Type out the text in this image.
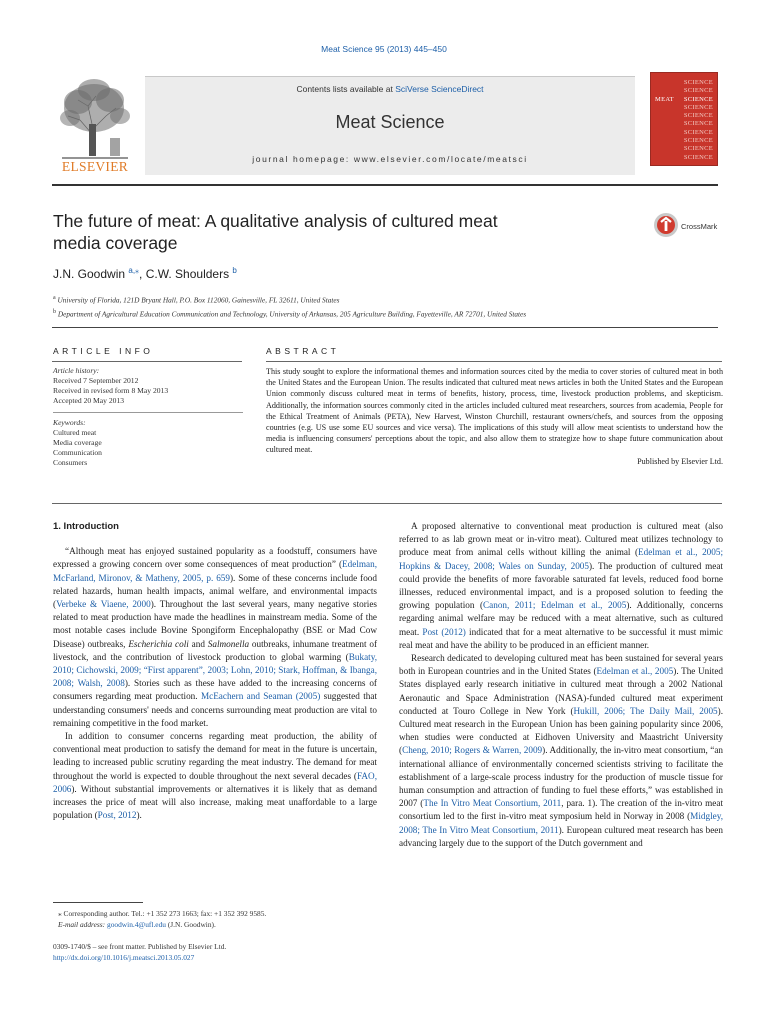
Meat Science 95 (2013) 445–450
ELSEVIER
Contents lists available at SciVerse ScienceDirect
Meat Science
journal homepage: www.elsevier.com/locate/meatsci
SCIENCE
SCIENCE
MEAT SCIENCE
SCIENCE
SCIENCE
SCIENCE
SCIENCE
SCIENCE
SCIENCE
SCIENCE
The future of meat: A qualitative analysis of cultured meat
media coverage
CrossMark
J.N. Goodwin $^{a,⁎}$, C.W. Shoulders $^b$
$^a$ University of Florida, 121D Bryant Hall, P.O. Box 112060, Gainesville, FL 32611, United States
$^b$ Department of Agricultural Education Communication and Technology, University of Arkansas, 205 Agriculture Building, Fayetteville, AR 72701, United States
ARTICLE INFO	ABSTRACT
Article history:
Received 7 September 2012
Received in revised form 8 May 2013
Accepted 20 May 2013
Keywords:
Cultured meat
Media coverage
Communication
Consumers
This study sought to explore the informational themes and information sources cited by the media to cover stories of cultured meat in both the United States and the European Union. The results indicated that cultured meat news articles in both the United States and the European Union commonly discuss cultured meat in terms of benefits, history, process, time, livestock production problems, and skepticism. Additionally, the information sources commonly cited in the articles included cultured meat researchers, sources from academia, People for the Ethical Treatment of Animals (PETA), New Harvest, Winston Churchill, restaurant owners/chefs, and sources from the opposing countries (e.g. US use some EU sources and vice versa). The implications of this study will allow meat scientists to understand how the media is influencing consumers' perceptions about the topic, and also allow them to strategize how to shape future communication about cultured meat.
Published by Elsevier Ltd.
1. Introduction

“Although meat has enjoyed sustained popularity as a foodstuff, consumers have expressed a growing concern over some consequences of meat production” (Edelman, McFarland, Mironov, & Matheny, 2005, p. 659). Some of these concerns include food related hazards, human health impacts, animal welfare, and environmental impacts (Verbeke & Viaene, 2000). Throughout the last several years, many negative stories related to meat production have made the headlines in mainstream media. Some of the most notable cases include Bovine Spongiform Encephalopathy (BSE or Mad Cow Disease) outbreaks, Escherichia coli and Salmonella outbreaks, inhumane treatment of livestock, and the contribution of livestock production to global warming (Bukaty, 2010; Cichowski, 2009; “First apparent”, 2003; Lohn, 2010; Stark, Hoffman, & Ibanga, 2008; Walsh, 2008). Stories such as these have added to the increasing concerns of consumers regarding meat production. McEachern and Seaman (2005) suggested that understanding consumers' needs and concerns surrounding meat production are vital to remaining competitive in the food market.

In addition to consumer concerns regarding meat production, the ability of conventional meat production to satisfy the demand for meat in the future is uncertain, leading to increased public scrutiny regarding the meat industry. The demand for meat throughout the world is expected to double throughout the next several decades (FAO, 2006). Without substantial improvements or alternatives it is likely that as demand increases the price of meat will also increase, making meat unaffordable to a large population (Post, 2012).

A proposed alternative to conventional meat production is cultured meat (also referred to as lab grown meat or in-vitro meat). Cultured meat utilizes technology to produce meat from animal cells without killing the animal (Edelman et al., 2005; Hopkins & Dacey, 2008; Wales on Sunday, 2005). The production of cultured meat could provide the benefits of more favorable saturated fat levels, reduced food borne illnesses, reduced environmental impact, and is a proposed solution to feeding the growing population (Canon, 2011; Edelman et al., 2005). Additionally, concerns regarding animal welfare may be reduced with a meat alternative, such as cultured meat. Post (2012) indicated that for a meat alternative to be successful it must mimic real meat and have the ability to be produced in an efficient manner.

Research dedicated to developing cultured meat has been sustained for several years both in European countries and in the United States (Edelman et al., 2005). The United States displayed early research initiative in cultured meat through a 2002 National Aeronautic and Space Administration (NASA)-funded cultured meat experiment conducted at Touro College in New York (Hukill, 2006; The Daily Mail, 2005). Cultured meat research in the European Union has been gaining popularity since 2006, when studies were conducted at Eidhoven University and Maastricht University (Cheng, 2010; Rogers & Warren, 2009). Additionally, the in-vitro meat consortium, “an international alliance of environmentally concerned scientists striving to facilitate the establishment of a large-scale process industry for the production of muscle tissue for human consumption and attraction of funding to fuel these efforts,” was established in 2007 (The In Vitro Meat Consortium, 2011, para. 1). The creation of the in-vitro meat consortium led to the first in-vitro meat symposium held in Norway in 2008 (Midgley, 2008; The In Vitro Meat Consortium, 2011). European cultured meat research has been advancing largely due to the support of the Dutch government and

⁎ Corresponding author. Tel.: +1 352 273 1663; fax: +1 352 392 9585.
E-mail address: goodwin.4@ufl.edu (J.N. Goodwin).
0309-1740/$ – see front matter. Published by Elsevier Ltd.
http://dx.doi.org/10.1016/j.meatsci.2013.05.027
